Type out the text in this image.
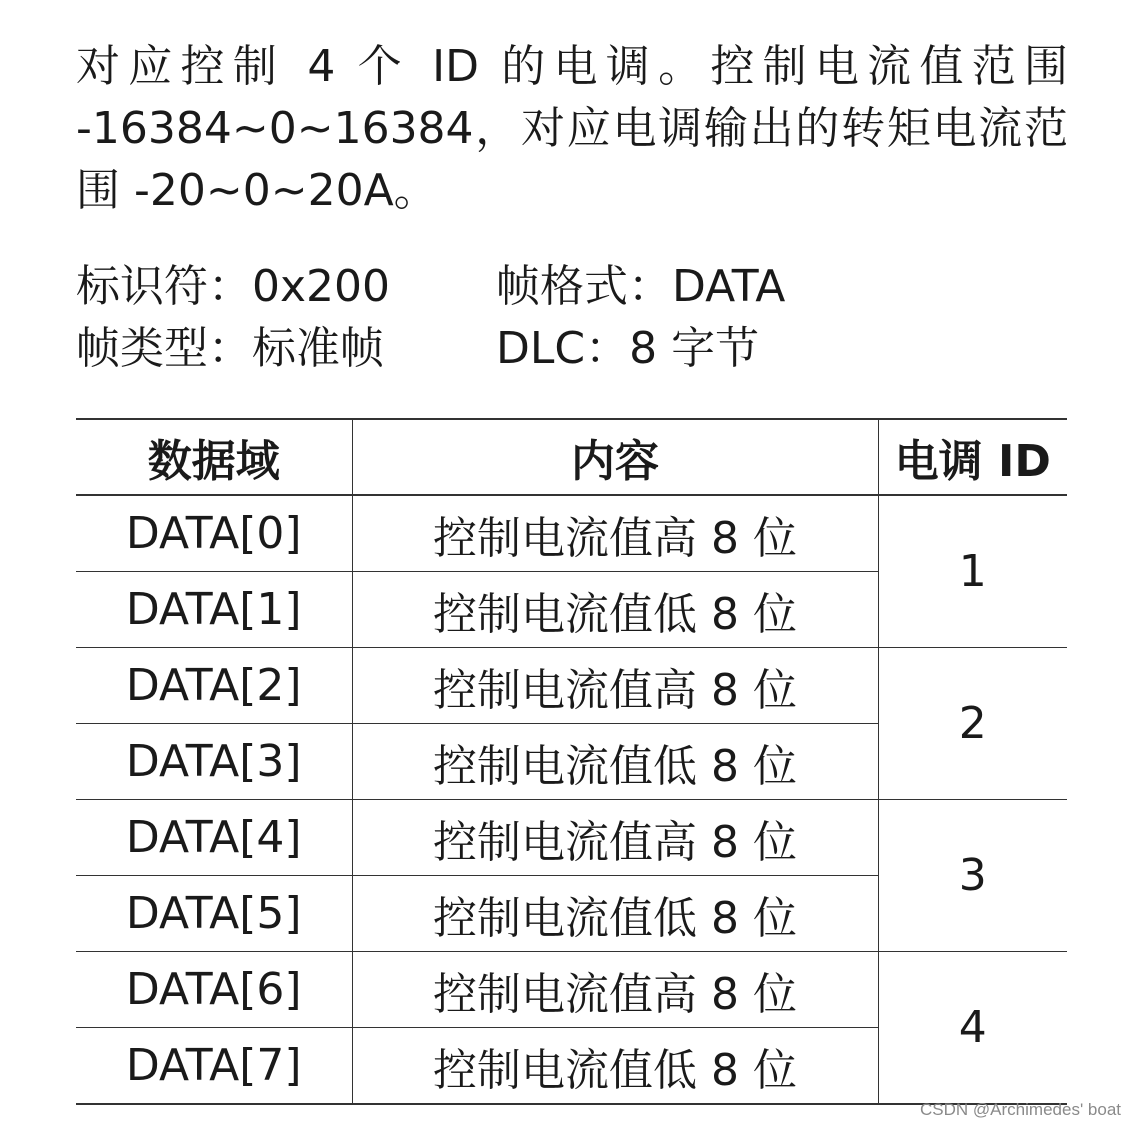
对应控制 4 个 ID 的电调。控制电流值范围 -16384~0~16384，对应电调输出的转矩电流范围 -20~0~20A。

标识符：0x200	帧格式：DATA
帧类型：标准帧	DLC：8 字节
数据域	内容	电调 ID
DATA[0]	控制电流值高 8 位	1
DATA[1]	控制电流值低 8 位	
DATA[2]	控制电流值高 8 位	2
DATA[3]	控制电流值低 8 位	
DATA[4]	控制电流值高 8 位	3
DATA[5]	控制电流值低 8 位	
DATA[6]	控制电流值高 8 位	4
DATA[7]	控制电流值低 8 位	
CSDN @Archimedes' boat
